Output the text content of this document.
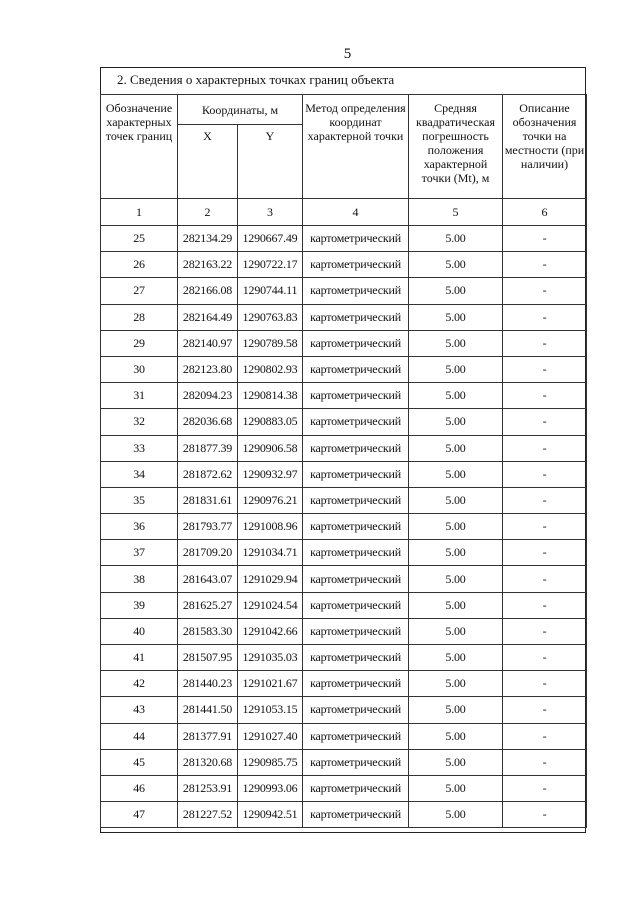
5
2. Сведения о характерных точках границ объекта
Обозначение характерных точек границ	Координаты, м		Метод определения координат характерной точки	Средняя квадратическая погрешность положения характерной точки (Mt), м	Описание обозначения точки на местности (при наличии)
	X	Y			
1	2	3	4	5	6
25	282134.29	1290667.49	картометрический	5.00	-
26	282163.22	1290722.17	картометрический	5.00	-
27	282166.08	1290744.11	картометрический	5.00	-
28	282164.49	1290763.83	картометрический	5.00	-
29	282140.97	1290789.58	картометрический	5.00	-
30	282123.80	1290802.93	картометрический	5.00	-
31	282094.23	1290814.38	картометрический	5.00	-
32	282036.68	1290883.05	картометрический	5.00	-
33	281877.39	1290906.58	картометрический	5.00	-
34	281872.62	1290932.97	картометрический	5.00	-
35	281831.61	1290976.21	картометрический	5.00	-
36	281793.77	1291008.96	картометрический	5.00	-
37	281709.20	1291034.71	картометрический	5.00	-
38	281643.07	1291029.94	картометрический	5.00	-
39	281625.27	1291024.54	картометрический	5.00	-
40	281583.30	1291042.66	картометрический	5.00	-
41	281507.95	1291035.03	картометрический	5.00	-
42	281440.23	1291021.67	картометрический	5.00	-
43	281441.50	1291053.15	картометрический	5.00	-
44	281377.91	1291027.40	картометрический	5.00	-
45	281320.68	1290985.75	картометрический	5.00	-
46	281253.91	1290993.06	картометрический	5.00	-
47	281227.52	1290942.51	картометрический	5.00	-
